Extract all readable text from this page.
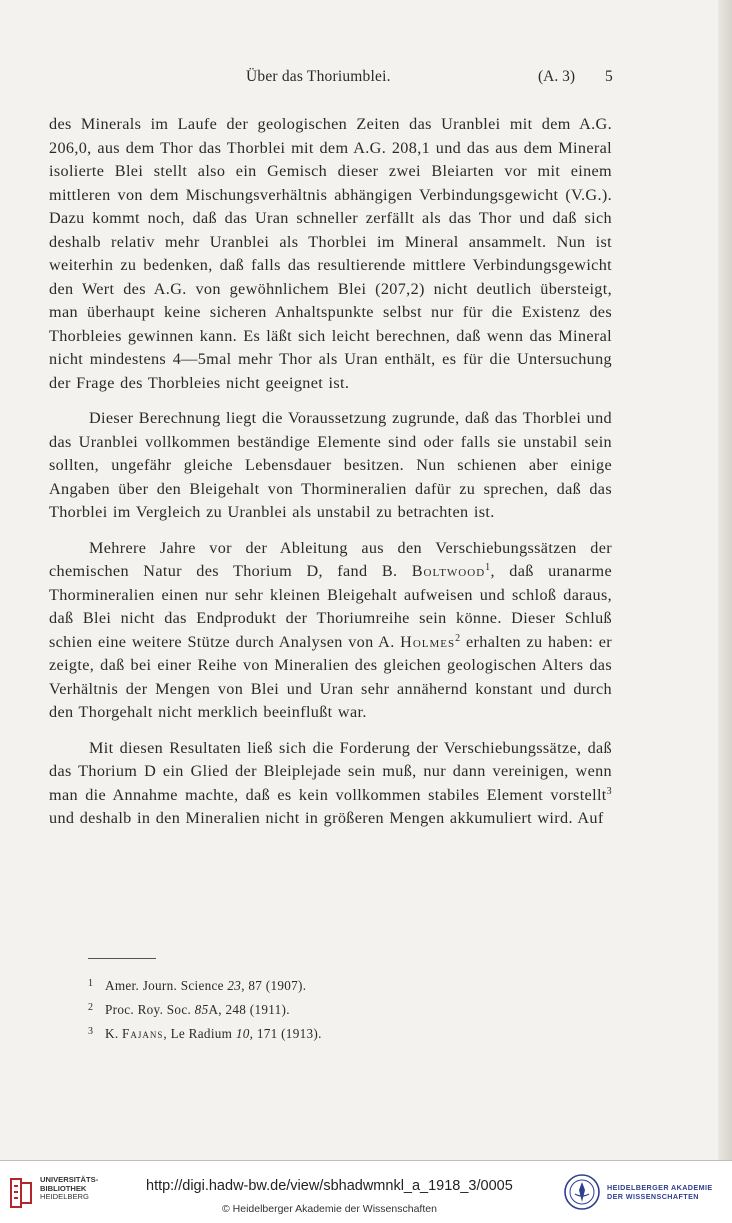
Über das Thoriumblei.	(A. 3) 5

des Minerals im Laufe der geologischen Zeiten das Uranblei mit dem A.G. 206,0, aus dem Thor das Thorblei mit dem A.G. 208,1 und das aus dem Mineral isolierte Blei stellt also ein Gemisch dieser zwei Bleiarten vor mit einem mittleren von dem Mischungsverhältnis abhängigen Verbindungsgewicht (V.G.). Dazu kommt noch, daß das Uran schneller zerfällt als das Thor und daß sich deshalb relativ mehr Uranblei als Thorblei im Mineral ansammelt. Nun ist weiterhin zu bedenken, daß falls das resultierende mittlere Verbindungsgewicht den Wert des A.G. von gewöhnlichem Blei (207,2) nicht deutlich übersteigt, man überhaupt keine sicheren Anhaltspunkte selbst nur für die Existenz des Thorbleies gewinnen kann. Es läßt sich leicht berechnen, daß wenn das Mineral nicht mindestens 4—5mal mehr Thor als Uran enthält, es für die Untersuchung der Frage des Thorbleies nicht geeignet ist.

Dieser Berechnung liegt die Voraussetzung zugrunde, daß das Thorblei und das Uranblei vollkommen beständige Elemente sind oder falls sie unstabil sein sollten, ungefähr gleiche Lebensdauer besitzen. Nun schienen aber einige Angaben über den Bleigehalt von Thormineralien dafür zu sprechen, daß das Thorblei im Vergleich zu Uranblei als unstabil zu betrachten ist.

Mehrere Jahre vor der Ableitung aus den Verschiebungssätzen der chemischen Natur des Thorium D, fand B. Boltwood$^1$, daß uranarme Thormineralien einen nur sehr kleinen Bleigehalt aufweisen und schloß daraus, daß Blei nicht das Endprodukt der Thoriumreihe sein könne. Dieser Schluß schien eine weitere Stütze durch Analysen von A. Holmes$^2$ erhalten zu haben: er zeigte, daß bei einer Reihe von Mineralien des gleichen geologischen Alters das Verhältnis der Mengen von Blei und Uran sehr annähernd konstant und durch den Thorgehalt nicht merklich beeinflußt war.

Mit diesen Resultaten ließ sich die Forderung der Verschiebungssätze, daß das Thorium D ein Glied der Bleiplejade sein muß, nur dann vereinigen, wenn man die Annahme machte, daß es kein vollkommen stabiles Element vorstellt$^3$ und deshalb in den Mineralien nicht in größeren Mengen akkumuliert wird. Auf

1 Amer. Journ. Science 23, 87 (1907).
2 Proc. Roy. Soc. 85A, 248 (1911).
3 K. Fajans, Le Radium 10, 171 (1913).
UNIVERSITÄTS-
BIBLIOTHEK
HEIDELBERG
http://digi.hadw-bw.de/view/sbhadwmnkl_a_1918_3/0005
© Heidelberger Akademie der Wissenschaften
HEIDELBERGER AKADEMIE
DER WISSENSCHAFTEN
